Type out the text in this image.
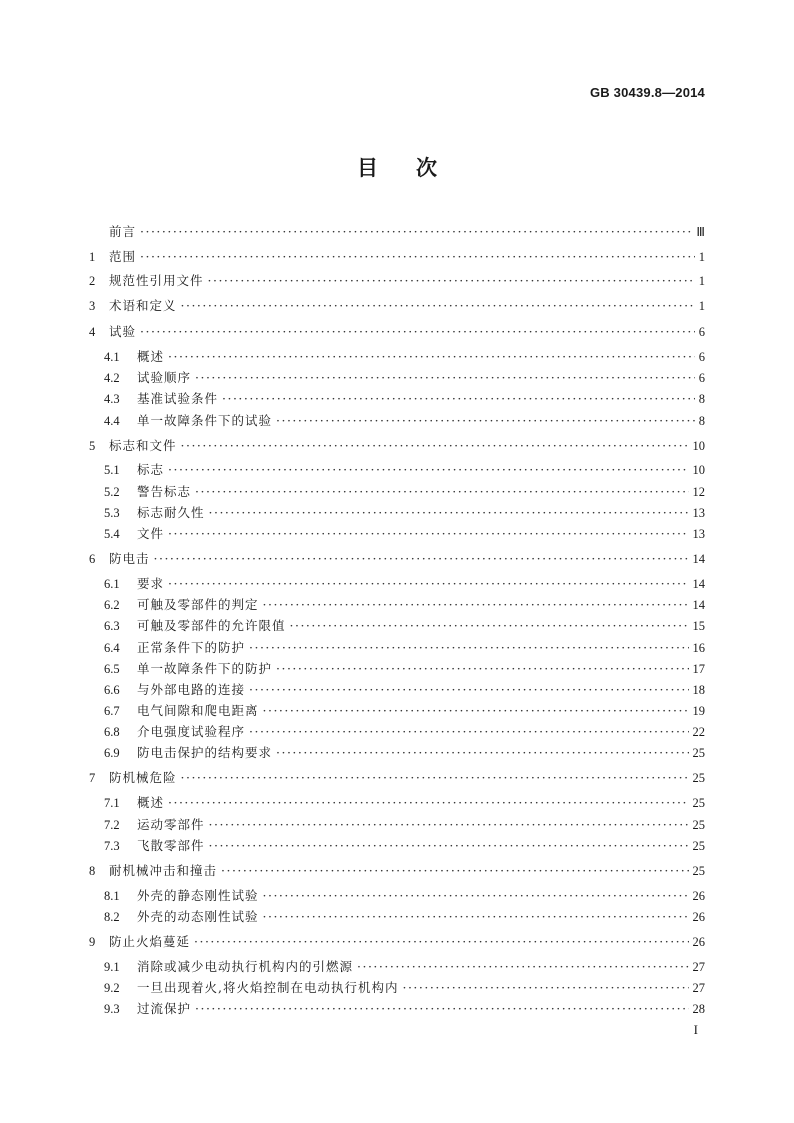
GB 30439.8—2014
目次
前言 ·····	Ⅲ
1	范围 ·····	1
2	规范性引用文件 ·····	1
3	术语和定义 ·····	1
4	试验 ·····	6
4.1	概述 ·····	6
4.2	试验顺序 ·····	6
4.3	基准试验条件 ·····	8
4.4	单一故障条件下的试验 ·····	8
5	标志和文件 ·····	10
5.1	标志 ·····	10
5.2	警告标志 ·····	12
5.3	标志耐久性 ·····	13
5.4	文件 ·····	13
6	防电击 ·····	14
6.1	要求 ·····	14
6.2	可触及零部件的判定 ·····	14
6.3	可触及零部件的允许限值 ·····	15
6.4	正常条件下的防护 ·····	16
6.5	单一故障条件下的防护 ·····	17
6.6	与外部电路的连接 ·····	18
6.7	电气间隙和爬电距离 ·····	19
6.8	介电强度试验程序 ·····	22
6.9	防电击保护的结构要求 ·····	25
7	防机械危险 ·····	25
7.1	概述 ·····	25
7.2	运动零部件 ·····	25
7.3	飞散零部件 ·····	25
8	耐机械冲击和撞击 ·····	25
8.1	外壳的静态刚性试验 ·····	26
8.2	外壳的动态刚性试验 ·····	26
9	防止火焰蔓延 ·····	26
9.1	消除或减少电动执行机构内的引燃源 ·····	27
9.2	一旦出现着火,将火焰控制在电动执行机构内 ·····	27
9.3	过流保护 ·····	28
I
